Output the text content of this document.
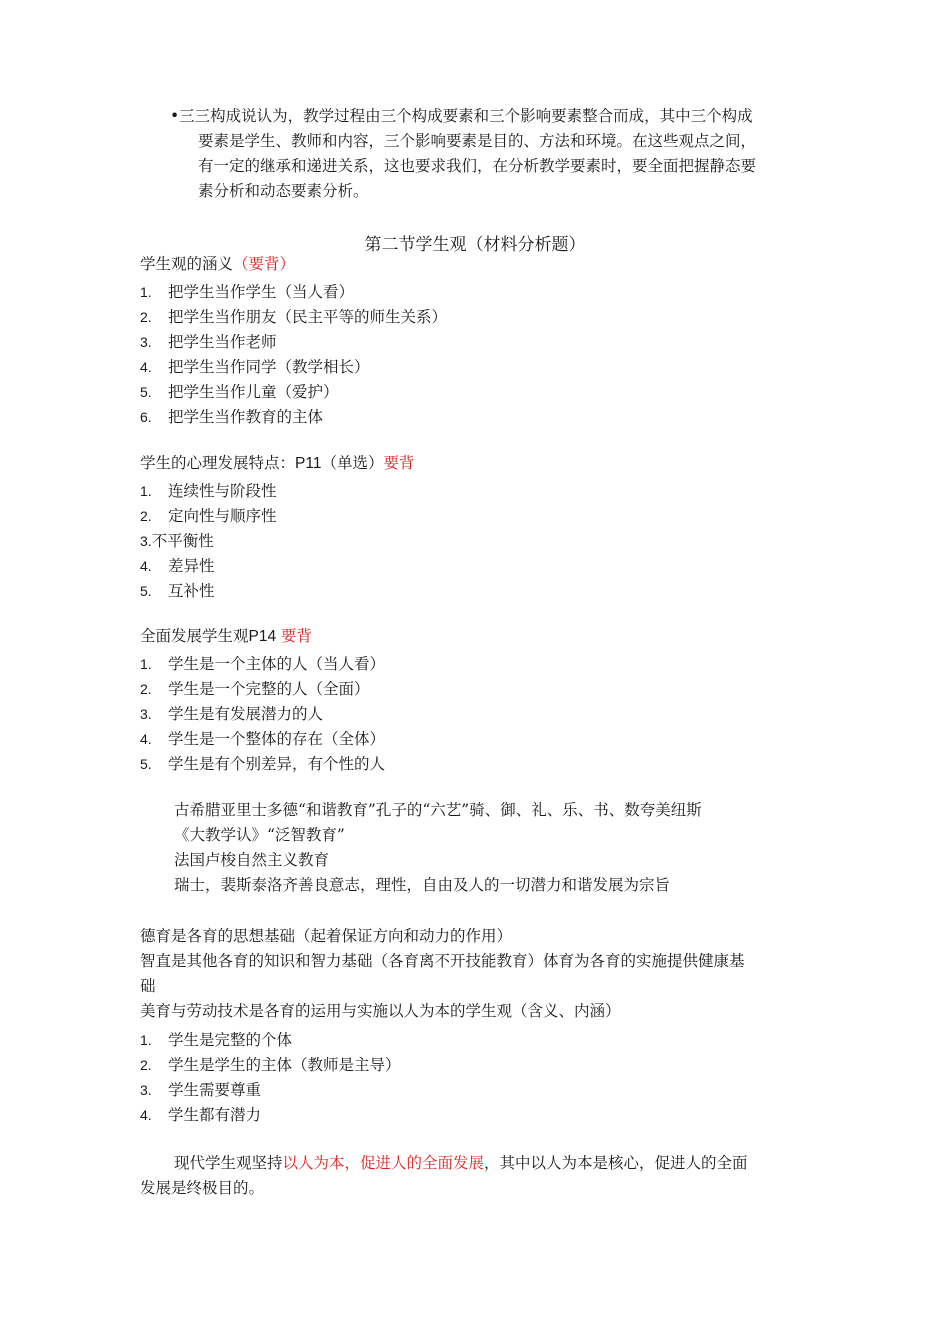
•三三构成说认为，教学过程由三个构成要素和三个影响要素整合而成，其中三个构成
要素是学生、教师和内容，三个影响要素是目的、方法和环境。在这些观点之间，
有一定的继承和递进关系，这也要求我们，在分析教学要素时，要全面把握静态要
素分析和动态要素分析。
第二节学生观（材料分析题）
学生观的涵义（要背）
1. 把学生当作学生（当人看）
2. 把学生当作朋友（民主平等的师生关系）
3. 把学生当作老师
4. 把学生当作同学（教学相长）
5. 把学生当作儿童（爱护）
6. 把学生当作教育的主体
学生的心理发展特点：P11（单选）要背
1. 连续性与阶段性
2. 定向性与顺序性
3.不平衡性
4. 差异性
5. 互补性
全面发展学生观P14 要背
1. 学生是一个主体的人（当人看）
2. 学生是一个完整的人（全面）
3. 学生是有发展潜力的人
4. 学生是一个整体的存在（全体）
5. 学生是有个别差异，有个性的人
古希腊亚里士多德“和谐教育”孔子的“六艺”骑、御、礼、乐、书、数夸美纽斯
《大教学认》“泛智教育”
法国卢梭自然主义教育
瑞士，裴斯泰洛齐善良意志，理性，自由及人的一切潜力和谐发展为宗旨
德育是各育的思想基础（起着保证方向和动力的作用）
智直是其他各育的知识和智力基础（各育离不开技能教育）体育为各育的实施提供健康基
础
美育与劳动技术是各育的运用与实施以人为本的学生观（含义、内涵）
1. 学生是完整的个体
2. 学生是学生的主体（教师是主导）
3. 学生需要尊重
4. 学生都有潜力
现代学生观坚持以人为本，促进人的全面发展，其中以人为本是核心，促进人的全面
发展是终极目的。
